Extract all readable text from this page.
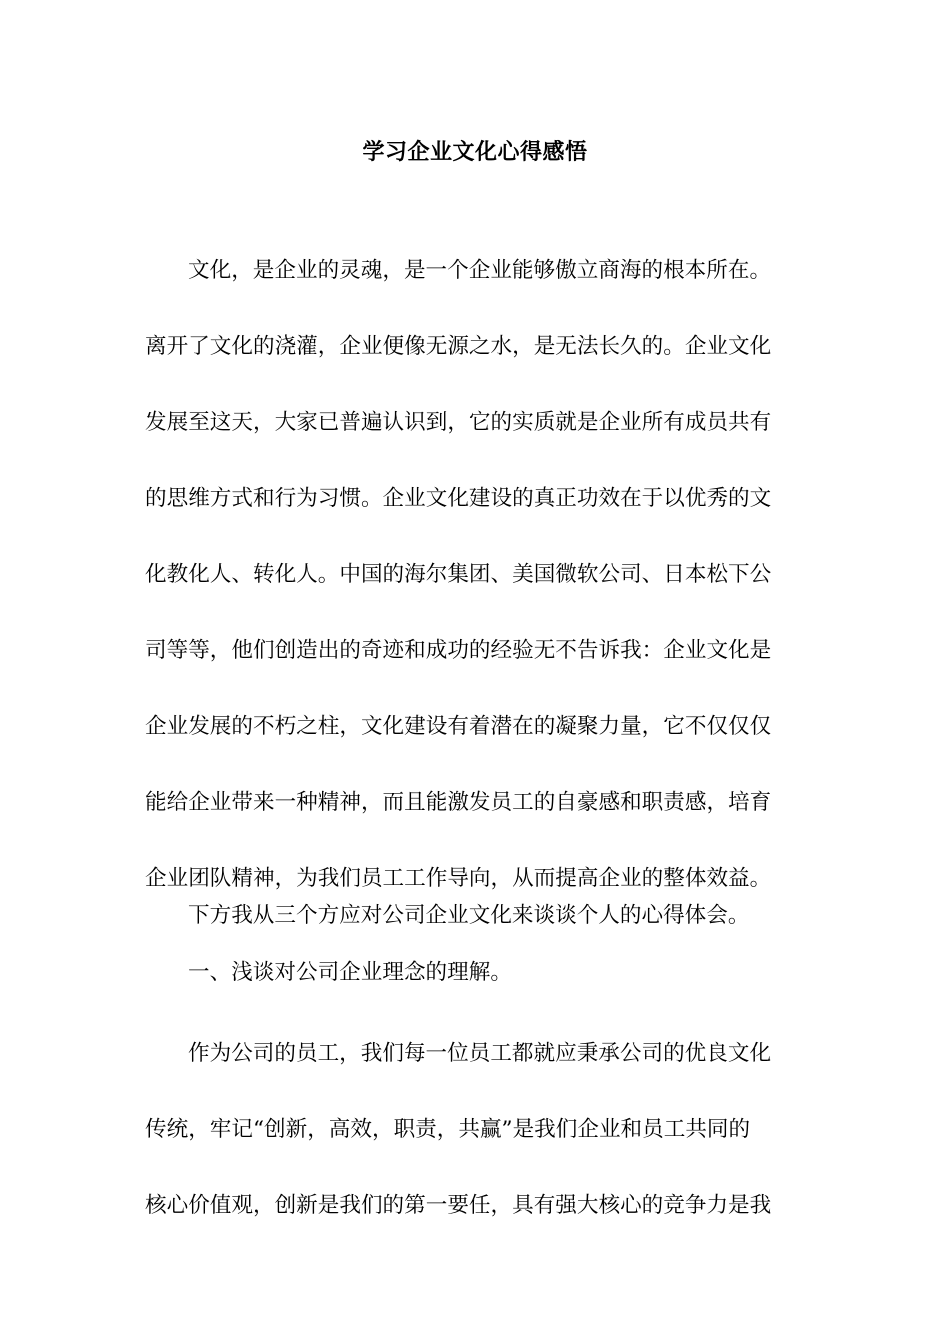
学习企业文化心得感悟
文化，是企业的灵魂，是一个企业能够傲立商海的根本所在。
离开了文化的浇灌，企业便像无源之水，是无法长久的。企业文化
发展至这天，大家已普遍认识到，它的实质就是企业所有成员共有
的思维方式和行为习惯。企业文化建设的真正功效在于以优秀的文
化教化人、转化人。中国的海尔集团、美国微软公司、日本松下公
司等等，他们创造出的奇迹和成功的经验无不告诉我：企业文化是
企业发展的不朽之柱，文化建设有着潜在的凝聚力量，它不仅仅仅
能给企业带来一种精神，而且能激发员工的自豪感和职责感，培育
企业团队精神，为我们员工工作导向，从而提高企业的整体效益。
下方我从三个方应对公司企业文化来谈谈个人的心得体会。
一、浅谈对公司企业理念的理解。
作为公司的员工，我们每一位员工都就应秉承公司的优良文化
传统，牢记“创新，高效，职责，共赢”是我们企业和员工共同的
核心价值观，创新是我们的第一要任，具有强大核心的竞争力是我
